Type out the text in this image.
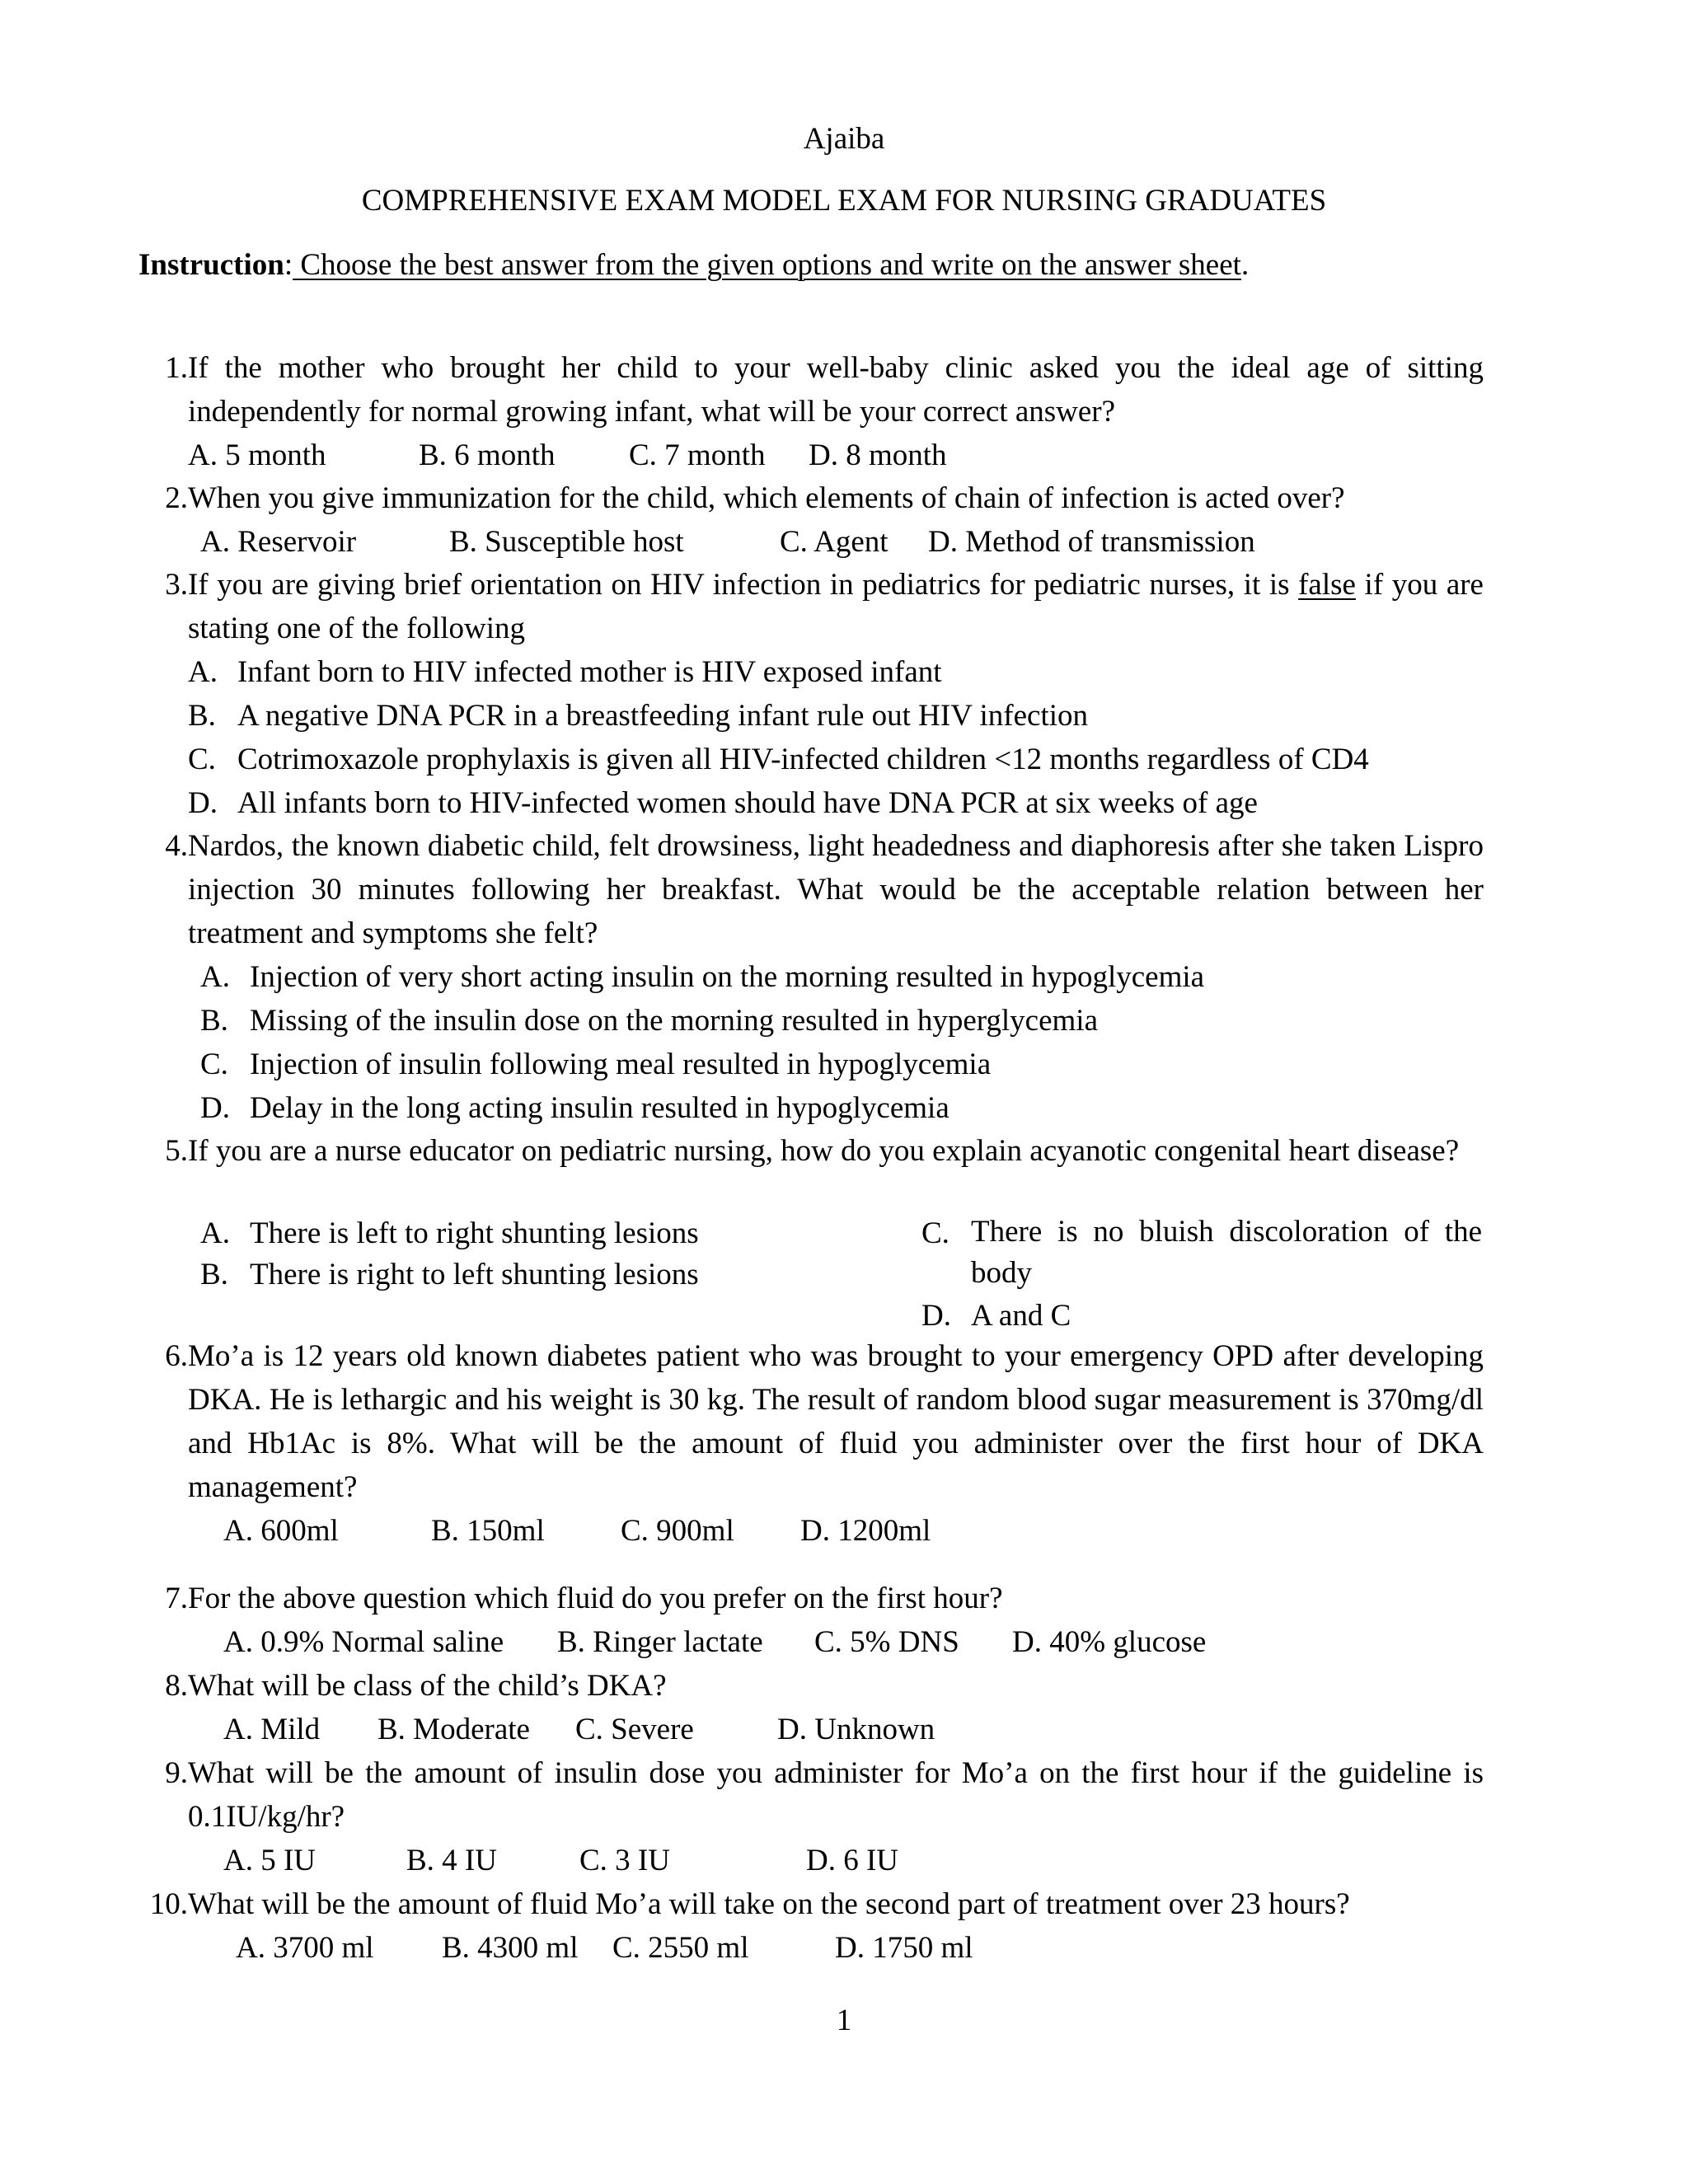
Ajaiba
COMPREHENSIVE EXAM MODEL EXAM FOR NURSING GRADUATES
Instruction: Choose the best answer from the given options and write on the answer sheet.
1. If the mother who brought her child to your well-baby clinic asked you the ideal age of sitting independently for normal growing infant, what will be your correct answer?
A. 5 month	B. 6 month C. 7 month D. 8 month
2. When you give immunization for the child, which elements of chain of infection is acted over?
A. Reservoir	B. Susceptible host	C. Agent D. Method of transmission
3. If you are giving brief orientation on HIV infection in pediatrics for pediatric nurses, it is false if you are stating one of the following
A. Infant born to HIV infected mother is HIV exposed infant
B. A negative DNA PCR in a breastfeeding infant rule out HIV infection
C. Cotrimoxazole prophylaxis is given all HIV-infected children <12 months regardless of CD4
D. All infants born to HIV-infected women should have DNA PCR at six weeks of age
4. Nardos, the known diabetic child, felt drowsiness, light headedness and diaphoresis after she taken Lispro injection 30 minutes following her breakfast. What would be the acceptable relation between her treatment and symptoms she felt?
A. Injection of very short acting insulin on the morning resulted in hypoglycemia
B. Missing of the insulin dose on the morning resulted in hyperglycemia
C. Injection of insulin following meal resulted in hypoglycemia
D. Delay in the long acting insulin resulted in hypoglycemia
5. If you are a nurse educator on pediatric nursing, how do you explain acyanotic congenital heart disease?
A. There is left to right shunting lesions
B. There is right to left shunting lesions
C. There is no bluish discoloration of the body
D. A and C
6. Mo’a is 12 years old known diabetes patient who was brought to your emergency OPD after developing DKA. He is lethargic and his weight is 30 kg. The result of random blood sugar measurement is 370mg/dl and Hb1Ac is 8%. What will be the amount of fluid you administer over the first hour of DKA management?
A. 600ml	B. 150ml C. 900ml D. 1200ml
7. For the above question which fluid do you prefer on the first hour?
A. 0.9% Normal saline B. Ringer lactate C. 5% DNS D. 40% glucose
8. What will be class of the child’s DKA?
A. Mild B. Moderate C. Severe	D. Unknown
9. What will be the amount of insulin dose you administer for Mo’a on the first hour if the guideline is 0.1IU/kg/hr?
A. 5 IU	B. 4 IU	C. 3 IU	D. 6 IU
10. What will be the amount of fluid Mo’a will take on the second part of treatment over 23 hours?
A. 3700 ml B. 4300 ml C. 2550 ml	D. 1750 ml
1
